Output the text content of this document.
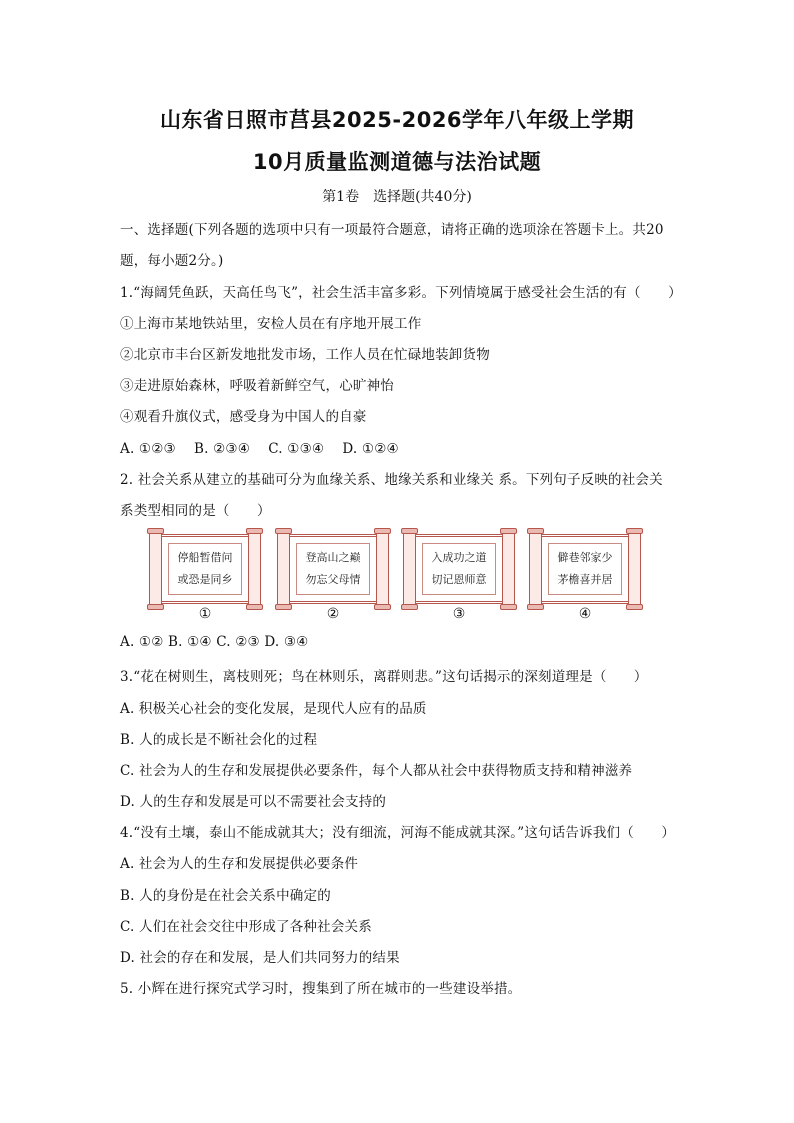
山东省日照市莒县2025-2026学年八年级上学期
10月质量监测道德与法治试题
第1卷　选择题(共40分)
一、选择题(下列各题的选项中只有一项最符合题意，请将正确的选项涂在答题卡上。共20
题，每小题2分。)
1.“海阔凭鱼跃，天高任鸟飞”，社会生活丰富多彩。下列情境属于感受社会生活的有（　　）
①上海市某地铁站里，安检人员在有序地开展工作
②北京市丰台区新发地批发市场，工作人员在忙碌地装卸货物
③走进原始森林，呼吸着新鲜空气，心旷神怡
④观看升旗仪式，感受身为中国人的自豪
A. ①②③　 B. ②③④　 C. ①③④　 D. ①②④
2. 社会关系从建立的基础可分为血缘关系、地缘关系和业缘关 系。下列句子反映的社会关
系类型相同的是（　　）
停船暂借问
或恐是同乡
①
登高山之巅
勿忘父母情
②
入成功之道
切记恩师意
③
僻巷邻家少
茅檐喜并居
④
A. ①② B. ①④ C. ②③ D. ③④
3.“花在树则生，离枝则死；鸟在林则乐，离群则悲。”这句话揭示的深刻道理是（　　）
A. 积极关心社会的变化发展，是现代人应有的品质
B. 人的成长是不断社会化的过程
C. 社会为人的生存和发展提供必要条件，每个人都从社会中获得物质支持和精神滋养
D. 人的生存和发展是可以不需要社会支持的
4.“没有土壤，泰山不能成就其大；没有细流，河海不能成就其深。”这句话告诉我们（　　）
A. 社会为人的生存和发展提供必要条件
B. 人的身份是在社会关系中确定的
C. 人们在社会交往中形成了各种社会关系
D. 社会的存在和发展，是人们共同努力的结果
5. 小辉在进行探究式学习时，搜集到了所在城市的一些建设举措。
